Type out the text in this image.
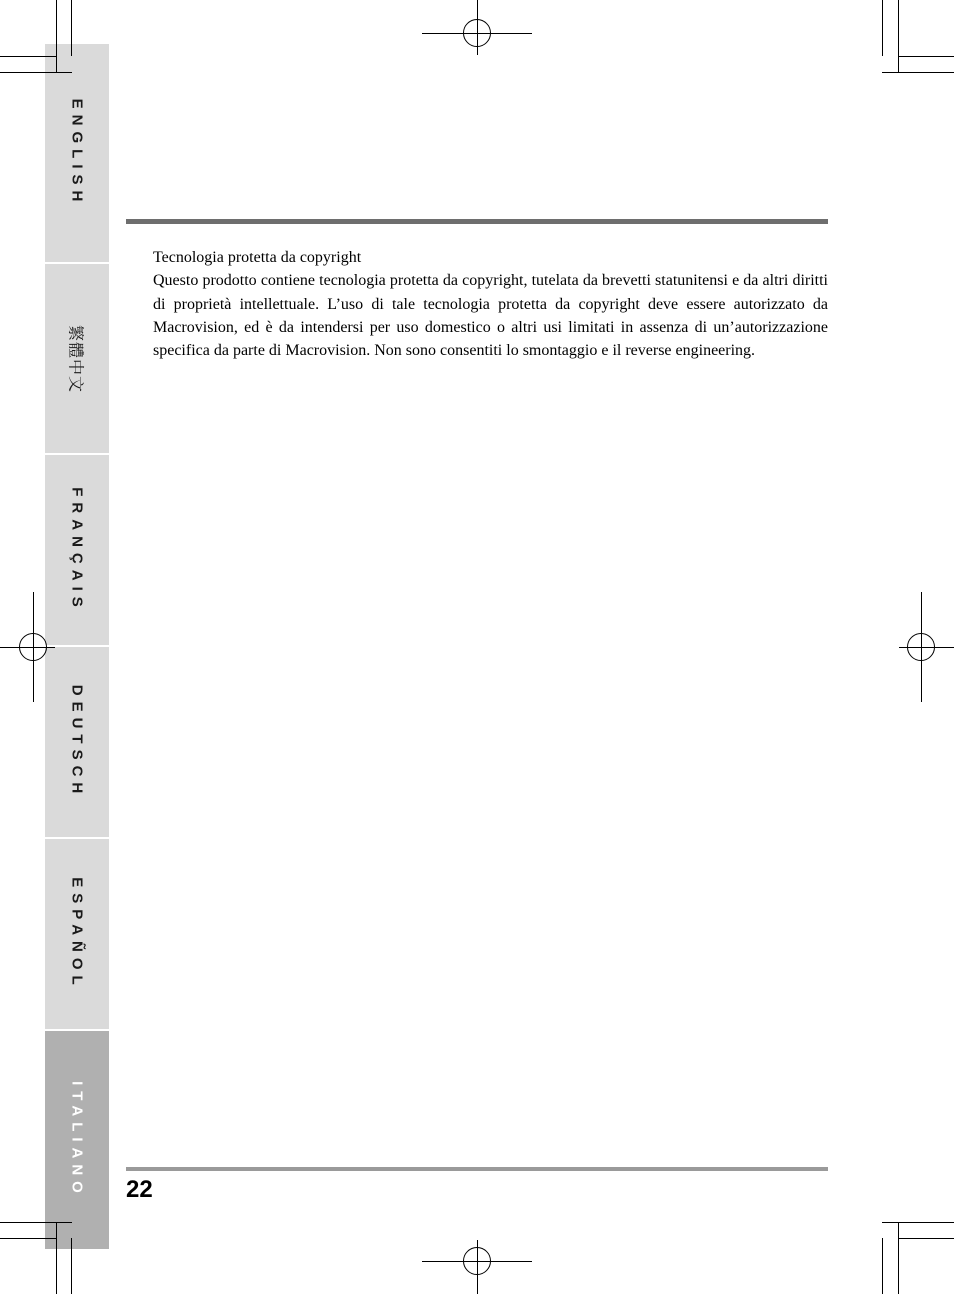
ENGLISH
繁體中文
FRANÇAIS
DEUTSCH
ESPAÑOL
ITALIANO

Tecnologia protetta da copyright

Questo prodotto contiene tecnologia protetta da copyright, tutelata da brevetti statunitensi e da altri diritti di proprietà intellettuale. L’uso di tale tecnologia protetta da copyright deve essere autorizzato da Macrovision, ed è da intendersi per uso domestico o altri usi limitati in assenza di un’autorizzazione specifica da parte di Macrovision. Non sono consentiti lo smontaggio e il reverse engineering.

22
